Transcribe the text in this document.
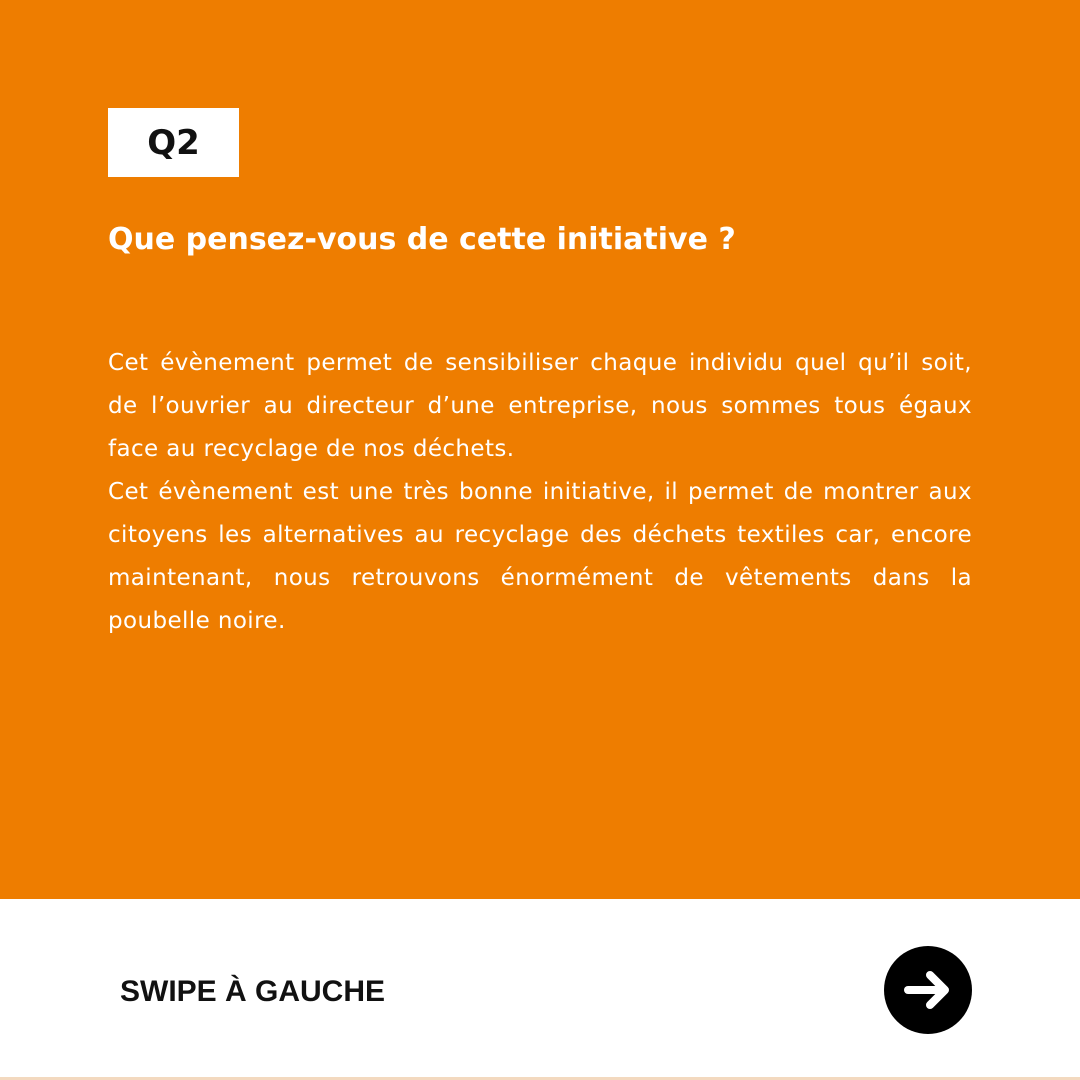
Q2
Que pensez-vous de cette initiative ?

Cet évènement permet de sensibiliser chaque individu quel qu’il soit, de l’ouvrier au directeur d’une entreprise, nous sommes tous égaux face au recyclage de nos déchets.

Cet évènement est une très bonne initiative, il permet de montrer aux citoyens les alternatives au recyclage des déchets textiles car, encore maintenant, nous retrouvons énormément de vêtements dans la poubelle noire.

SWIPE À GAUCHE
